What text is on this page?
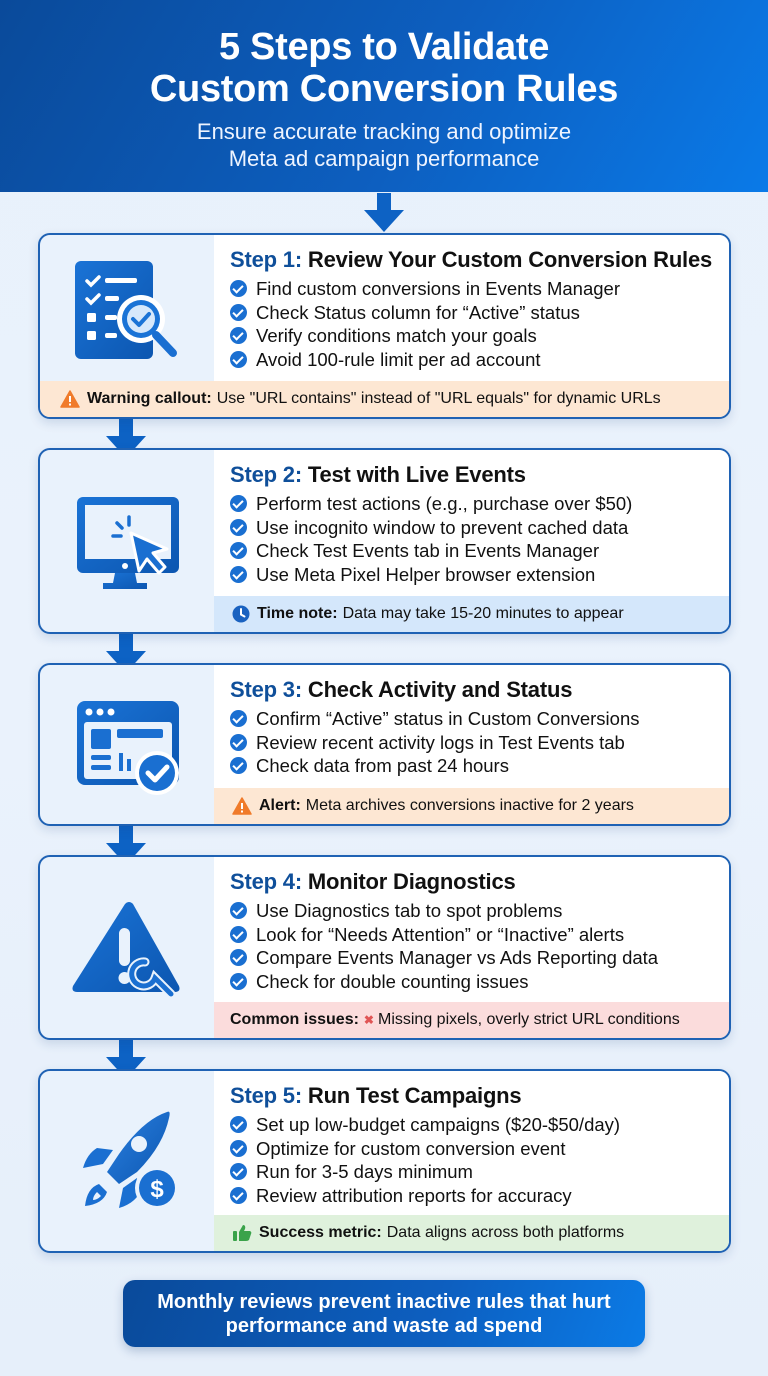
5 Steps to Validate
Custom Conversion Rules
Ensure accurate tracking and optimize
Meta ad campaign performance
Step 1: Review Your Custom Conversion Rules
Find custom conversions in Events Manager
Check Status column for “Active” status
Verify conditions match your goals
Avoid 100-rule limit per ad account
Warning callout: Use "URL contains" instead of "URL equals" for dynamic URLs
Step 2: Test with Live Events
Perform test actions (e.g., purchase over $50)
Use incognito window to prevent cached data
Check Test Events tab in Events Manager
Use Meta Pixel Helper browser extension
Time note: Data may take 15-20 minutes to appear
Step 3: Check Activity and Status
Confirm “Active” status in Custom Conversions
Review recent activity logs in Test Events tab
Check data from past 24 hours
Alert: Meta archives conversions inactive for 2 years
Step 4: Monitor Diagnostics
Use Diagnostics tab to spot problems
Look for “Needs Attention” or “Inactive” alerts
Compare Events Manager vs Ads Reporting data
Check for double counting issues
Common issues: ✖ Missing pixels, overly strict URL conditions
$
Step 5: Run Test Campaigns
Set up low-budget campaigns ($20-$50/day)
Optimize for custom conversion event
Run for 3-5 days minimum
Review attribution reports for accuracy
Success metric: Data aligns across both platforms
Monthly reviews prevent inactive rules that hurt performance and waste ad spend
